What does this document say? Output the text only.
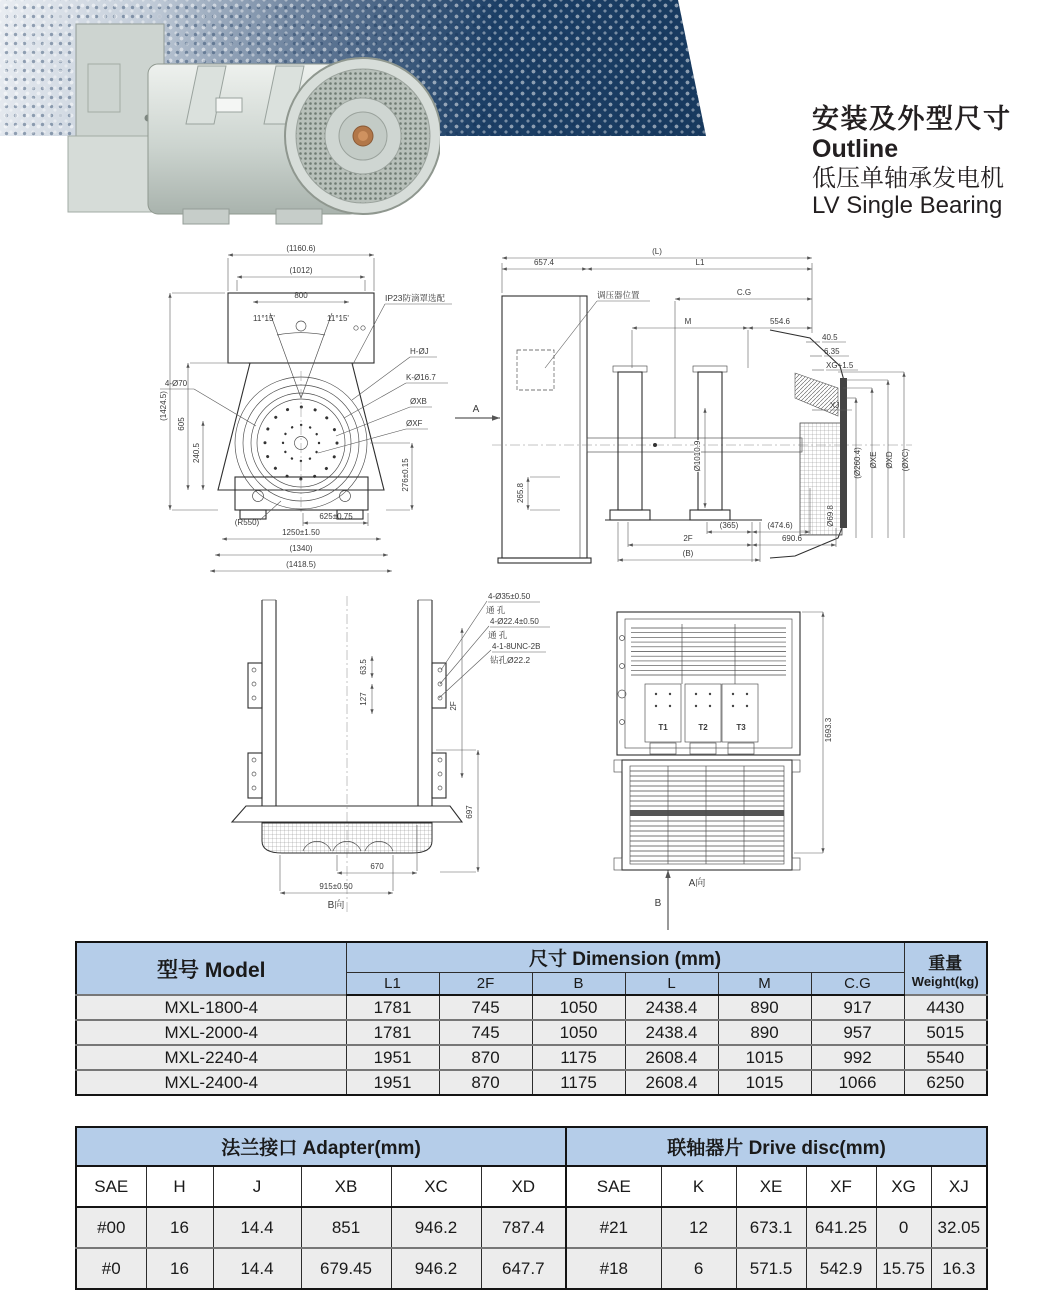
安装及外型尺寸
Outline
低压单轴承发电机
LV Single Bearing
(1160.6)
(1012)
800
11°15'	11°15'
(1424.5)
605
240.5
4-Ø70
276±0.15
(R550)
625±0.75
1250±1.50
(1340)
(1418.5)
IP23防滴罩选配
H-ØJ
K-Ø16.7
ØXB
ØXF
A
调压器位置
(L)
657.4	L1
C.G
M	554.6
40.5
6.35
XG+1.5
XJ
265.8
Ø1010.9
(365)	(474.6)
2F	690.6
(B)
Ø69.8
(Ø260.4) ØXE ØXD (ØXC)
4-Ø35±0.50
通 孔
4-Ø22.4±0.50
通 孔
4-1-8UNC-2B
钻孔Ø22.2
63.5
127
2F
697
670
915±0.50
B向
T1	T2	T3	1693.3
A向
B
型号 Model	尺寸 Dimension (mm)						重量
Weight(kg)

	L1	2F	B	L	M	C.G	
MXL-1800-4	1781	745	1050	2438.4	890	917	4430
MXL-2000-4	1781	745	1050	2438.4	890	957	5015
MXL-2240-4	1951	870	1175	2608.4	1015	992	5540
MXL-2400-4	1951	870	1175	2608.4	1015	1066	6250
法兰接口 Adapter(mm)						联轴器片 Drive disc(mm)					
SAE	H	J	XB	XC	XD	SAE	K	XE	XF	XG	XJ
#00	16	14.4	851	946.2	787.4	#21	12	673.1	641.25	0	32.05
#0	16	14.4	679.45	946.2	647.7	#18	6	571.5	542.9	15.75	16.3
